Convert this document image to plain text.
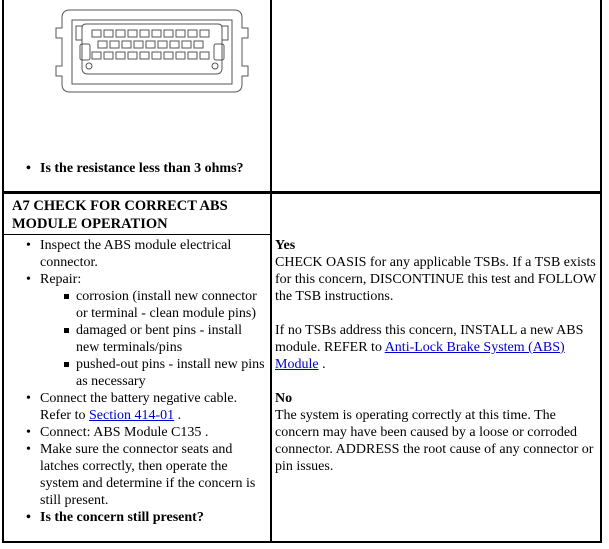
• Is the resistance less than 3 ohms?
A7 CHECK FOR CORRECT ABS MODULE OPERATION
• Inspect the ABS module electrical connector.
• Repair:
corrosion (install new connector or terminal - clean module pins)
damaged or bent pins - install new terminals/pins
pushed-out pins - install new pins as necessary
• Connect the battery negative cable.
Refer to Section 414-01 .
• Connect: ABS Module C135 .
• Make sure the connector seats and latches correctly, then operate the system and determine if the concern is still present.
• Is the concern still present?
Yes
CHECK OASIS for any applicable TSBs. If a TSB exists for this concern, DISCONTINUE this test and FOLLOW the TSB instructions.
If no TSBs address this concern, INSTALL a new ABS module. REFER to Anti-Lock Brake System (ABS) Module .
No
The system is operating correctly at this time. The concern may have been caused by a loose or corroded connector. ADDRESS the root cause of any connector or pin issues.
